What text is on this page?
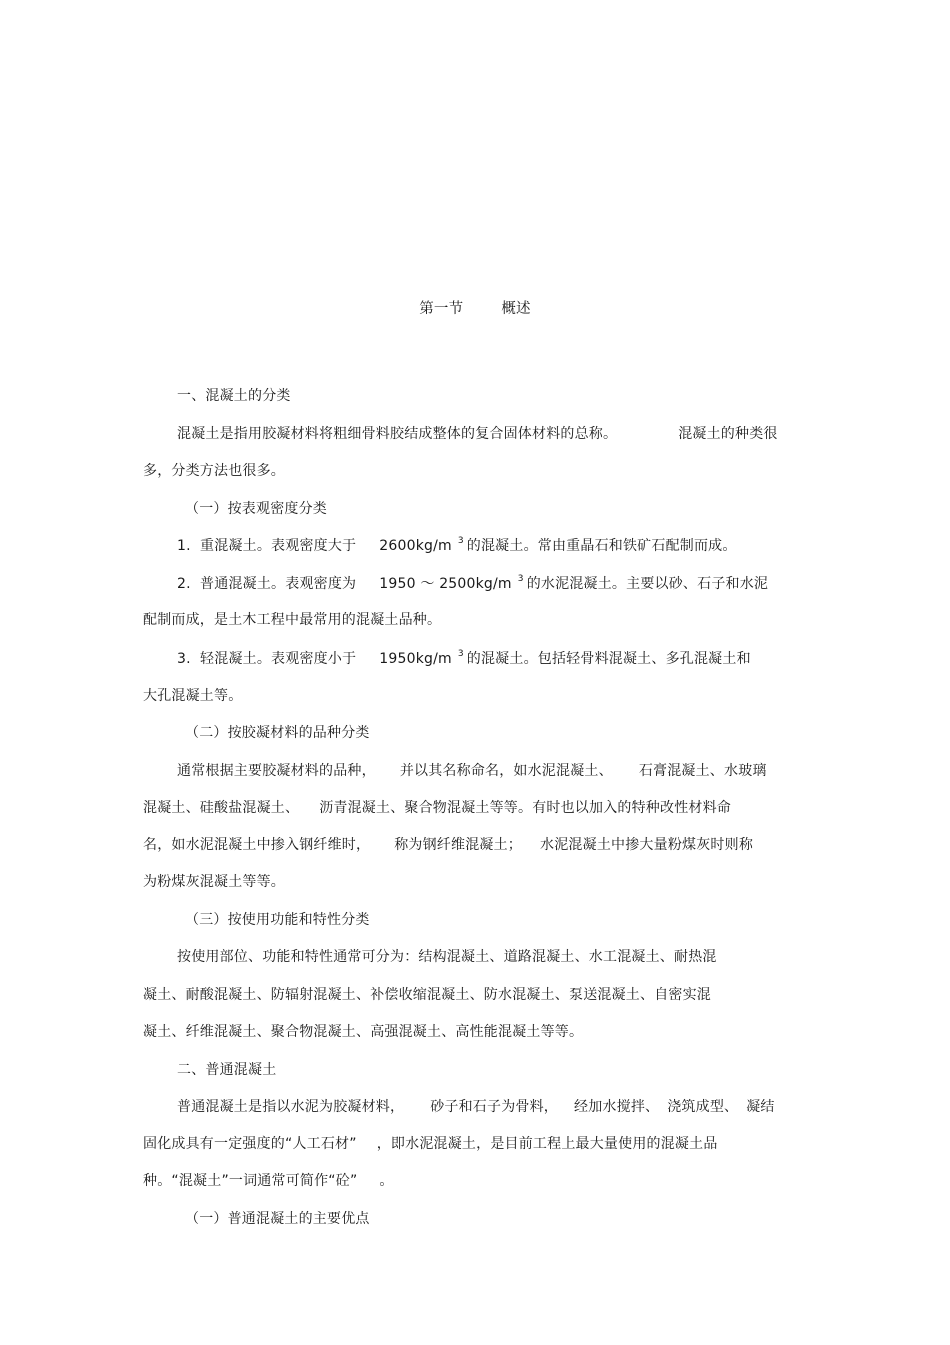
第一节	概述
一、混凝土的分类
混凝土是指用胶凝材料将粗细骨料胶结成整体的复合固体材料的总称。	混凝土的种类很
多，分类方法也很多。
（一）按表观密度分类
1.  重混凝土。表观密度大于 2600kg/m $^3$ 的混凝土。常由重晶石和铁矿石配制而成。
2.  普通混凝土。表观密度为 1950 ～ 2500kg/m $^3$ 的水泥混凝土。主要以砂、石子和水泥
配制而成，是土木工程中最常用的混凝土品种。
3.  轻混凝土。表观密度小于 1950kg/m $^3$ 的混凝土。包括轻骨料混凝土、多孔混凝土和
大孔混凝土等。
（二）按胶凝材料的品种分类
通常根据主要胶凝材料的品种， 并以其名称命名，如水泥混凝土、 石膏混凝土、水玻璃
混凝土、硅酸盐混凝土、 沥青混凝土、聚合物混凝土等等。有时也以加入的特种改性材料命
名，如水泥混凝土中掺入钢纤维时， 称为钢纤维混凝土； 水泥混凝土中掺大量粉煤灰时则称
为粉煤灰混凝土等等。
（三）按使用功能和特性分类
按使用部位、功能和特性通常可分为：结构混凝土、道路混凝土、水工混凝土、耐热混
凝土、耐酸混凝土、防辐射混凝土、补偿收缩混凝土、防水混凝土、泵送混凝土、自密实混
凝土、纤维混凝土、聚合物混凝土、高强混凝土、高性能混凝土等等。
二、普通混凝土
普通混凝土是指以水泥为胶凝材料， 砂子和石子为骨料， 经加水搅拌、 浇筑成型、 凝结
固化成具有一定强度的“人工石材” ，即水泥混凝土，是目前工程上最大量使用的混凝土品
种。“混凝土”一词通常可简作“砼” 。
（一）普通混凝土的主要优点
